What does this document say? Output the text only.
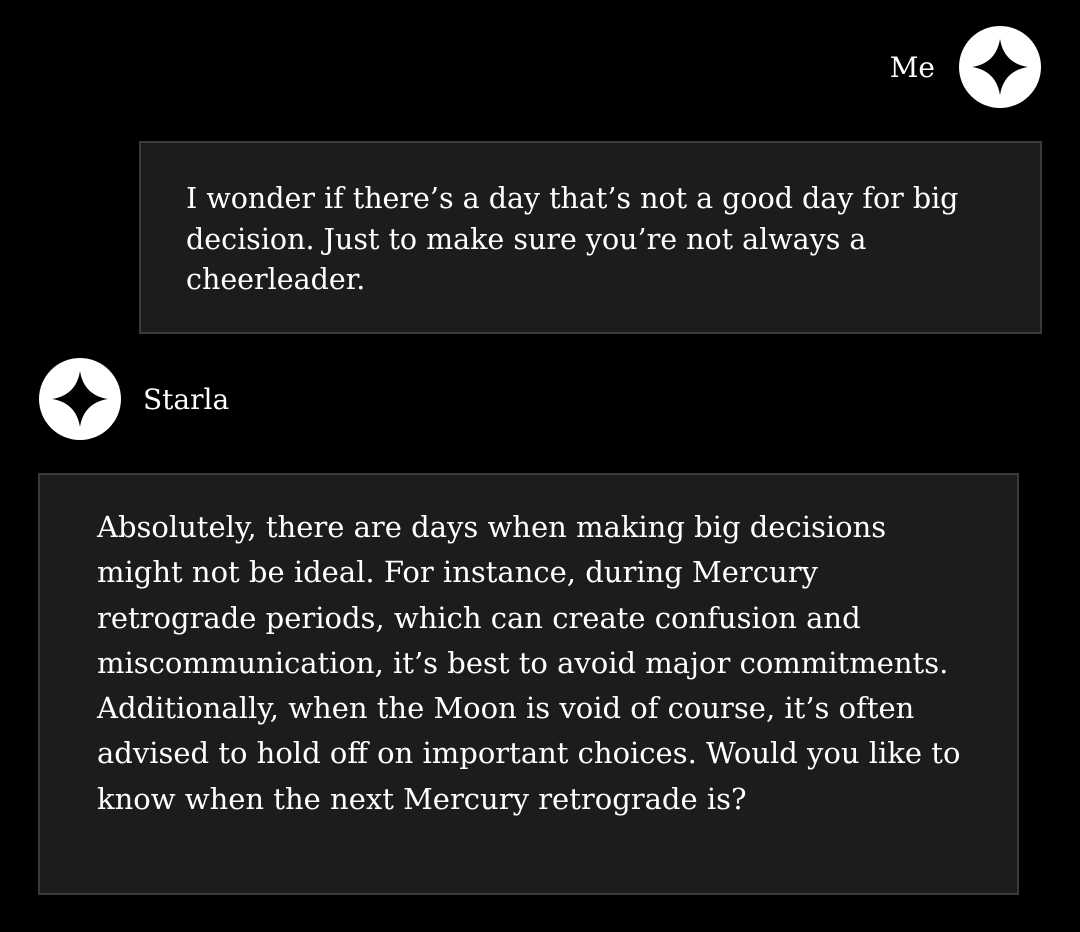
Me

I wonder if there’s a day that’s not a good day for big decision. Just to make sure you’re not always a cheerleader.

Starla

Absolutely, there are days when making big decisions might not be ideal. For instance, during Mercury retrograde periods, which can create confusion and miscommunication, it’s best to avoid major commitments. Additionally, when the Moon is void of course, it’s often advised to hold off on important choices. Would you like to know when the next Mercury retrograde is?
